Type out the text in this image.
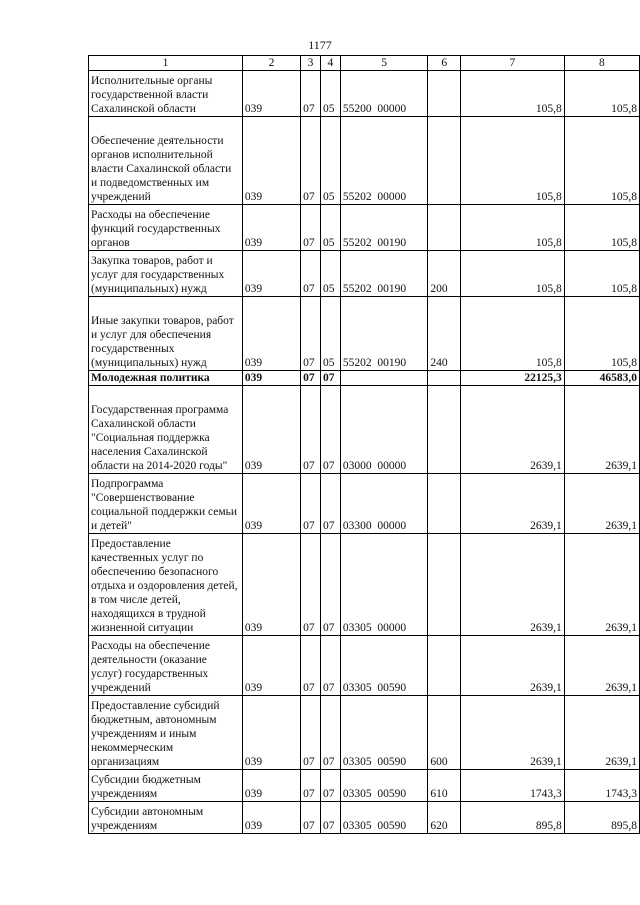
1177
1	2	3	4	5	6	7	8
Исполнительные органы государственной власти Сахалинской области	039	07	05	55200  00000		105,8	105,8
Обеспечение деятельности органов исполнительной власти Сахалинской области и подведомственных им учреждений	039	07	05	55202  00000		105,8	105,8
Расходы на обеспечение функций государственных органов	039	07	05	55202  00190		105,8	105,8
Закупка товаров, работ и услуг для государственных (муниципальных) нужд	039	07	05	55202  00190	200	105,8	105,8
Иные закупки товаров, работ и услуг для обеспечения государственных (муниципальных) нужд	039	07	05	55202  00190	240	105,8	105,8
Молодежная политика	039	07	07			22125,3	46583,0
Государственная программа Сахалинской области "Социальная поддержка населения Сахалинской области на 2014-2020 годы"	039	07	07	03000  00000		2639,1	2639,1
Подпрограмма "Совершенствование социальной поддержки семьи и детей"	039	07	07	03300  00000		2639,1	2639,1
Предоставление качественных услуг по обеспечению безопасного отдыха и оздоровления детей, в том числе детей, находящихся в трудной жизненной ситуации	039	07	07	03305  00000		2639,1	2639,1
Расходы на обеспечение деятельности (оказание услуг) государственных учреждений	039	07	07	03305  00590		2639,1	2639,1
Предоставление субсидий бюджетным, автономным учреждениям и иным некоммерческим организациям	039	07	07	03305  00590	600	2639,1	2639,1
Субсидии бюджетным учреждениям	039	07	07	03305  00590	610	1743,3	1743,3
Субсидии автономным учреждениям	039	07	07	03305  00590	620	895,8	895,8
